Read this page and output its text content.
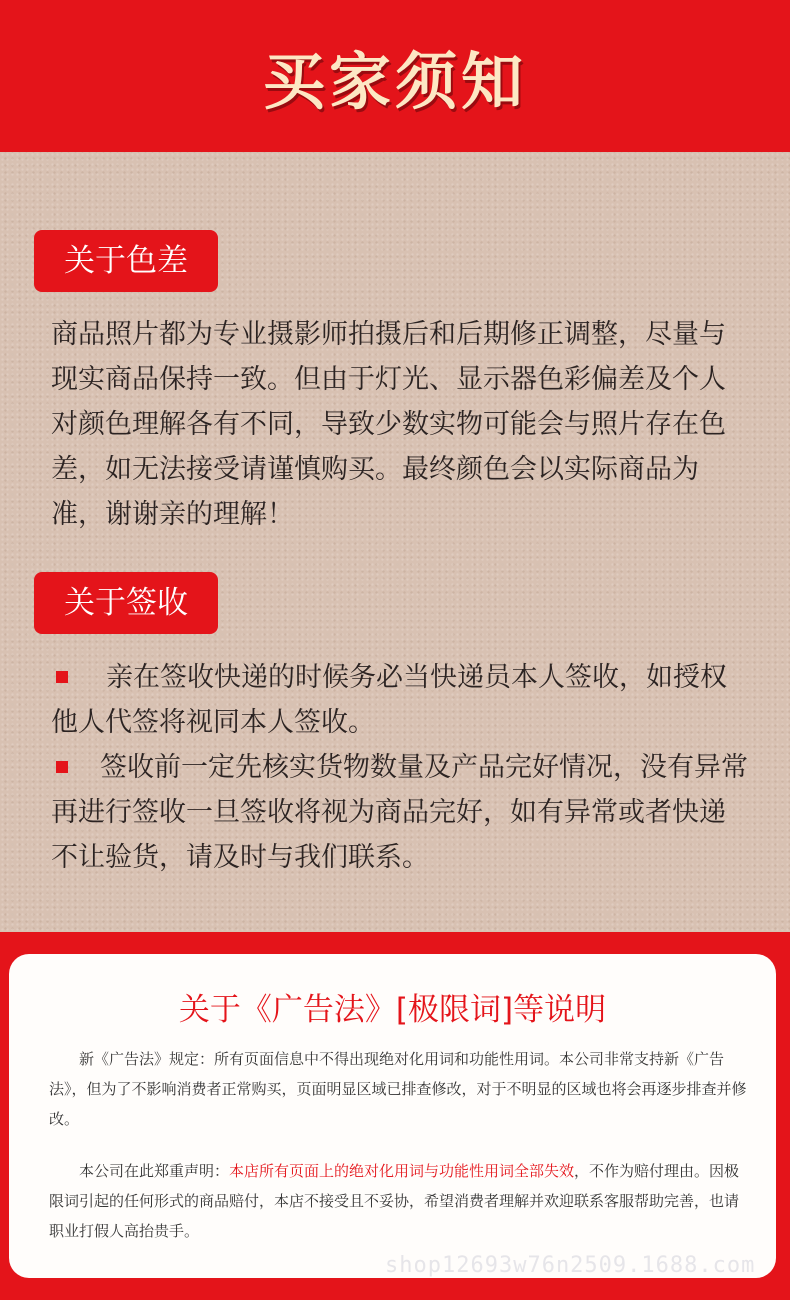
买家须知
关于色差

商品照片都为专业摄影师拍摄后和后期修正调整，尽量与现实商品保持一致。但由于灯光、显示器色彩偏差及个人对颜色理解各有不同，导致少数实物可能会与照片存在色差，如无法接受请谨慎购买。最终颜色会以实际商品为准，谢谢亲的理解！

关于签收

亲在签收快递的时候务必当快递员本人签收，如授权他人代签将视同本人签收。

签收前一定先核实货物数量及产品完好情况，没有异常再进行签收一旦签收将视为商品完好，如有异常或者快递不让验货，请及时与我们联系。

关于《广告法》[极限词]等说明

新《广告法》规定：所有页面信息中不得出现绝对化用词和功能性用词。本公司非常支持新《广告法》，但为了不影响消费者正常购买，页面明显区域已排查修改，对于不明显的区域也将会再逐步排查并修改。

本公司在此郑重声明：本店所有页面上的绝对化用词与功能性用词全部失效，不作为赔付理由。因极限词引起的任何形式的商品赔付，本店不接受且不妥协，希望消费者理解并欢迎联系客服帮助完善，也请职业打假人高抬贵手。

shop12693w76n2509.1688.com
